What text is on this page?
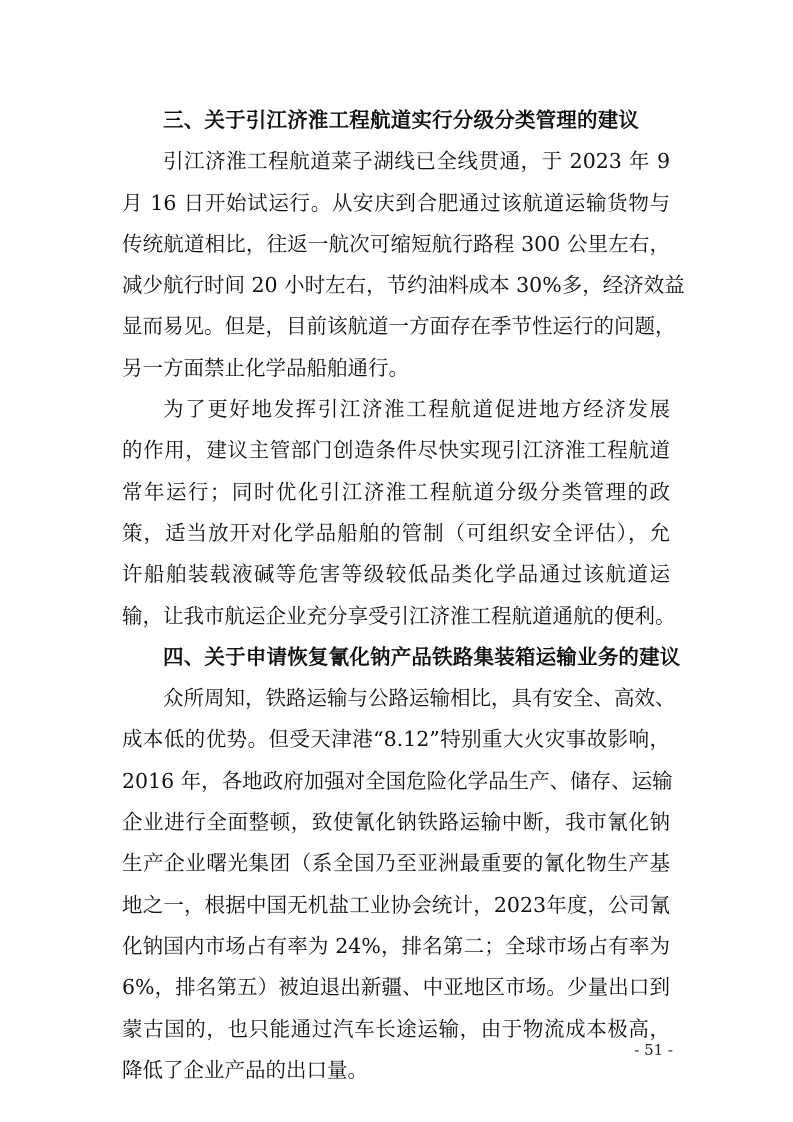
三、关于引江济淮工程航道实行分级分类管理的建议

引江济淮工程航道菜子湖线已全线贯通，于 2023 年 9
月 16 日开始试运行。从安庆到合肥通过该航道运输货物与
传统航道相比，往返一航次可缩短航行路程 300 公里左右，
减少航行时间 20 小时左右，节约油料成本 30%多，经济效益
显而易见。但是，目前该航道一方面存在季节性运行的问题，
另一方面禁止化学品船舶通行。

为了更好地发挥引江济淮工程航道促进地方经济发展
的作用，建议主管部门创造条件尽快实现引江济淮工程航道
常年运行；同时优化引江济淮工程航道分级分类管理的政
策，适当放开对化学品船舶的管制（可组织安全评估），允
许船舶装载液碱等危害等级较低品类化学品通过该航道运
输，让我市航运企业充分享受引江济淮工程航道通航的便利。

四、关于申请恢复氰化钠产品铁路集装箱运输业务的建议

众所周知，铁路运输与公路运输相比，具有安全、高效、
成本低的优势。但受天津港“8.12”特别重大火灾事故影响，
2016 年，各地政府加强对全国危险化学品生产、储存、运输
企业进行全面整顿，致使氰化钠铁路运输中断，我市氰化钠
生产企业曙光集团（系全国乃至亚洲最重要的氰化物生产基
地之一，根据中国无机盐工业协会统计，2023年度，公司氰
化钠国内市场占有率为 24%，排名第二；全球市场占有率为
6%，排名第五）被迫退出新疆、中亚地区市场。少量出口到
蒙古国的，也只能通过汽车长途运输，由于物流成本极高，
降低了企业产品的出口量。

- 51 -
